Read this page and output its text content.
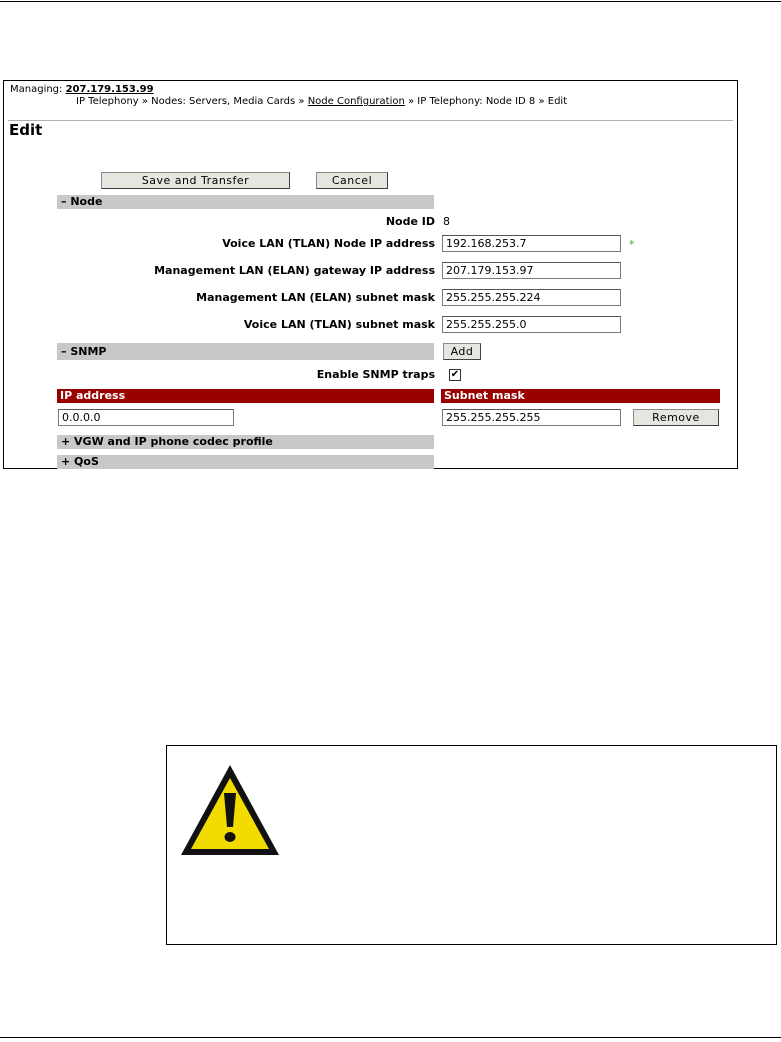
Managing: 207.179.153.99
IP Telephony » Nodes: Servers, Media Cards » Node Configuration » IP Telephony: Node ID 8 » Edit
Edit
Save and Transfer	Cancel
– Node
Node ID 8
Voice LAN (TLAN) Node IP address	192.168.253.7	*
Management LAN (ELAN) gateway IP address	207.179.153.97
Management LAN (ELAN) subnet mask	255.255.255.224
Voice LAN (TLAN) subnet mask	255.255.255.0
– SNMP	Add
Enable SNMP traps ✔
IP address	Subnet mask
0.0.0.0	255.255.255.255	Remove
+ VGW and IP phone codec profile
+ QoS
